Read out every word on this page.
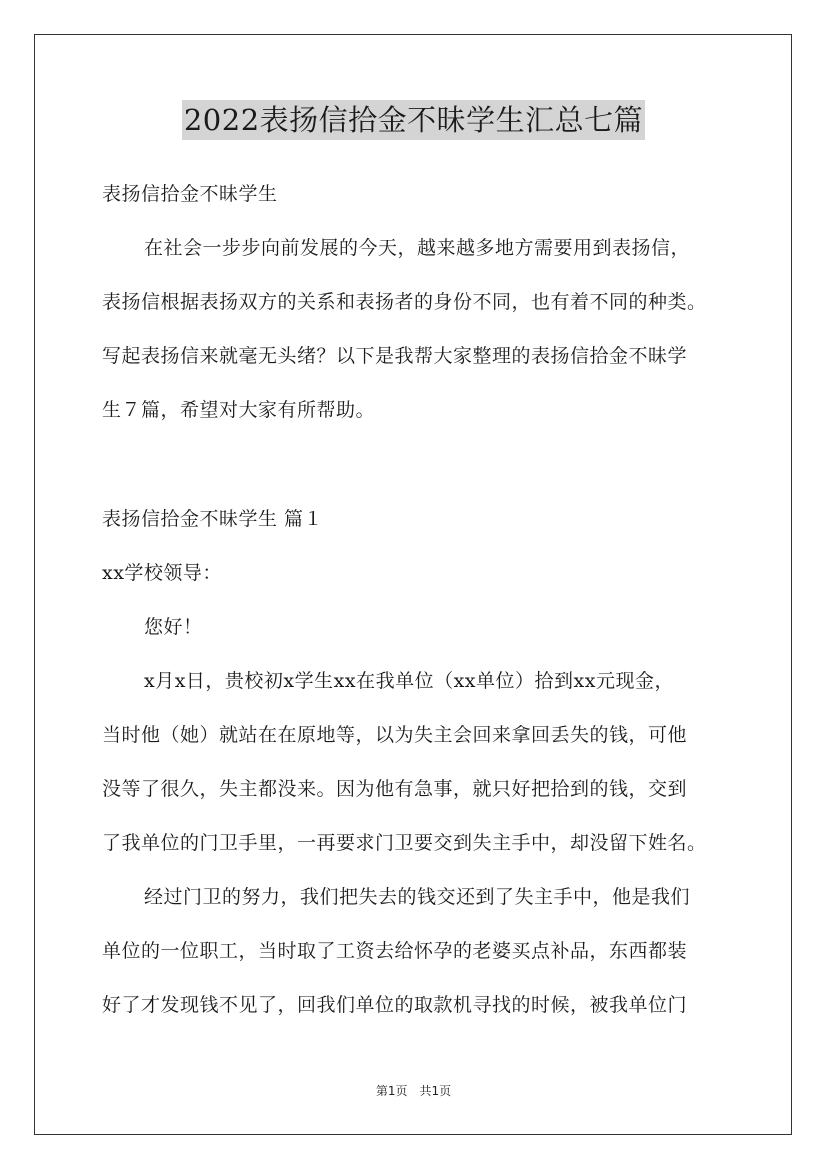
2022表扬信拾金不昧学生汇总七篇
表扬信拾金不昧学生
在社会一步步向前发展的今天，越来越多地方需要用到表扬信，
表扬信根据表扬双方的关系和表扬者的身份不同，也有着不同的种类。
写起表扬信来就毫无头绪？以下是我帮大家整理的表扬信拾金不昧学
生７篇，希望对大家有所帮助。
表扬信拾金不昧学生 篇１
xx学校领导：
您好！
x月x日，贵校初x学生xx在我单位（xx单位）拾到xx元现金，
当时他（她）就站在在原地等，以为失主会回来拿回丢失的钱，可他
没等了很久，失主都没来。因为他有急事，就只好把拾到的钱，交到
了我单位的门卫手里，一再要求门卫要交到失主手中，却没留下姓名。
经过门卫的努力，我们把失去的钱交还到了失主手中，他是我们
单位的一位职工，当时取了工资去给怀孕的老婆买点补品，东西都装
好了才发现钱不见了，回我们单位的取款机寻找的时候，被我单位门
第1页　共1页
